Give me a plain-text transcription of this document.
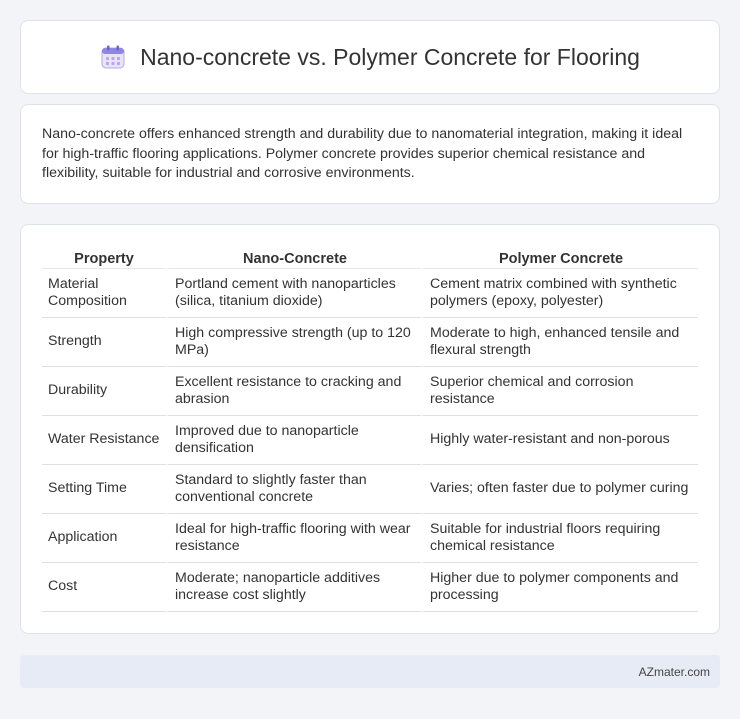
Nano-concrete vs. Polymer Concrete for Flooring

Nano-concrete offers enhanced strength and durability due to nanomaterial integration, making it ideal for high-traffic flooring applications. Polymer concrete provides superior chemical resistance and flexibility, suitable for industrial and corrosive environments.

Property	Nano-Concrete	Polymer Concrete
Material Composition	Portland cement with nanoparticles (silica, titanium dioxide)	Cement matrix combined with synthetic polymers (epoxy, polyester)
Strength	High compressive strength (up to 120 MPa)	Moderate to high, enhanced tensile and flexural strength
Durability	Excellent resistance to cracking and abrasion	Superior chemical and corrosion resistance
Water Resistance	Improved due to nanoparticle densification	Highly water-resistant and non-porous
Setting Time	Standard to slightly faster than conventional concrete	Varies; often faster due to polymer curing
Application	Ideal for high-traffic flooring with wear resistance	Suitable for industrial floors requiring chemical resistance
Cost	Moderate; nanoparticle additives increase cost slightly	Higher due to polymer components and processing
AZmater.com
